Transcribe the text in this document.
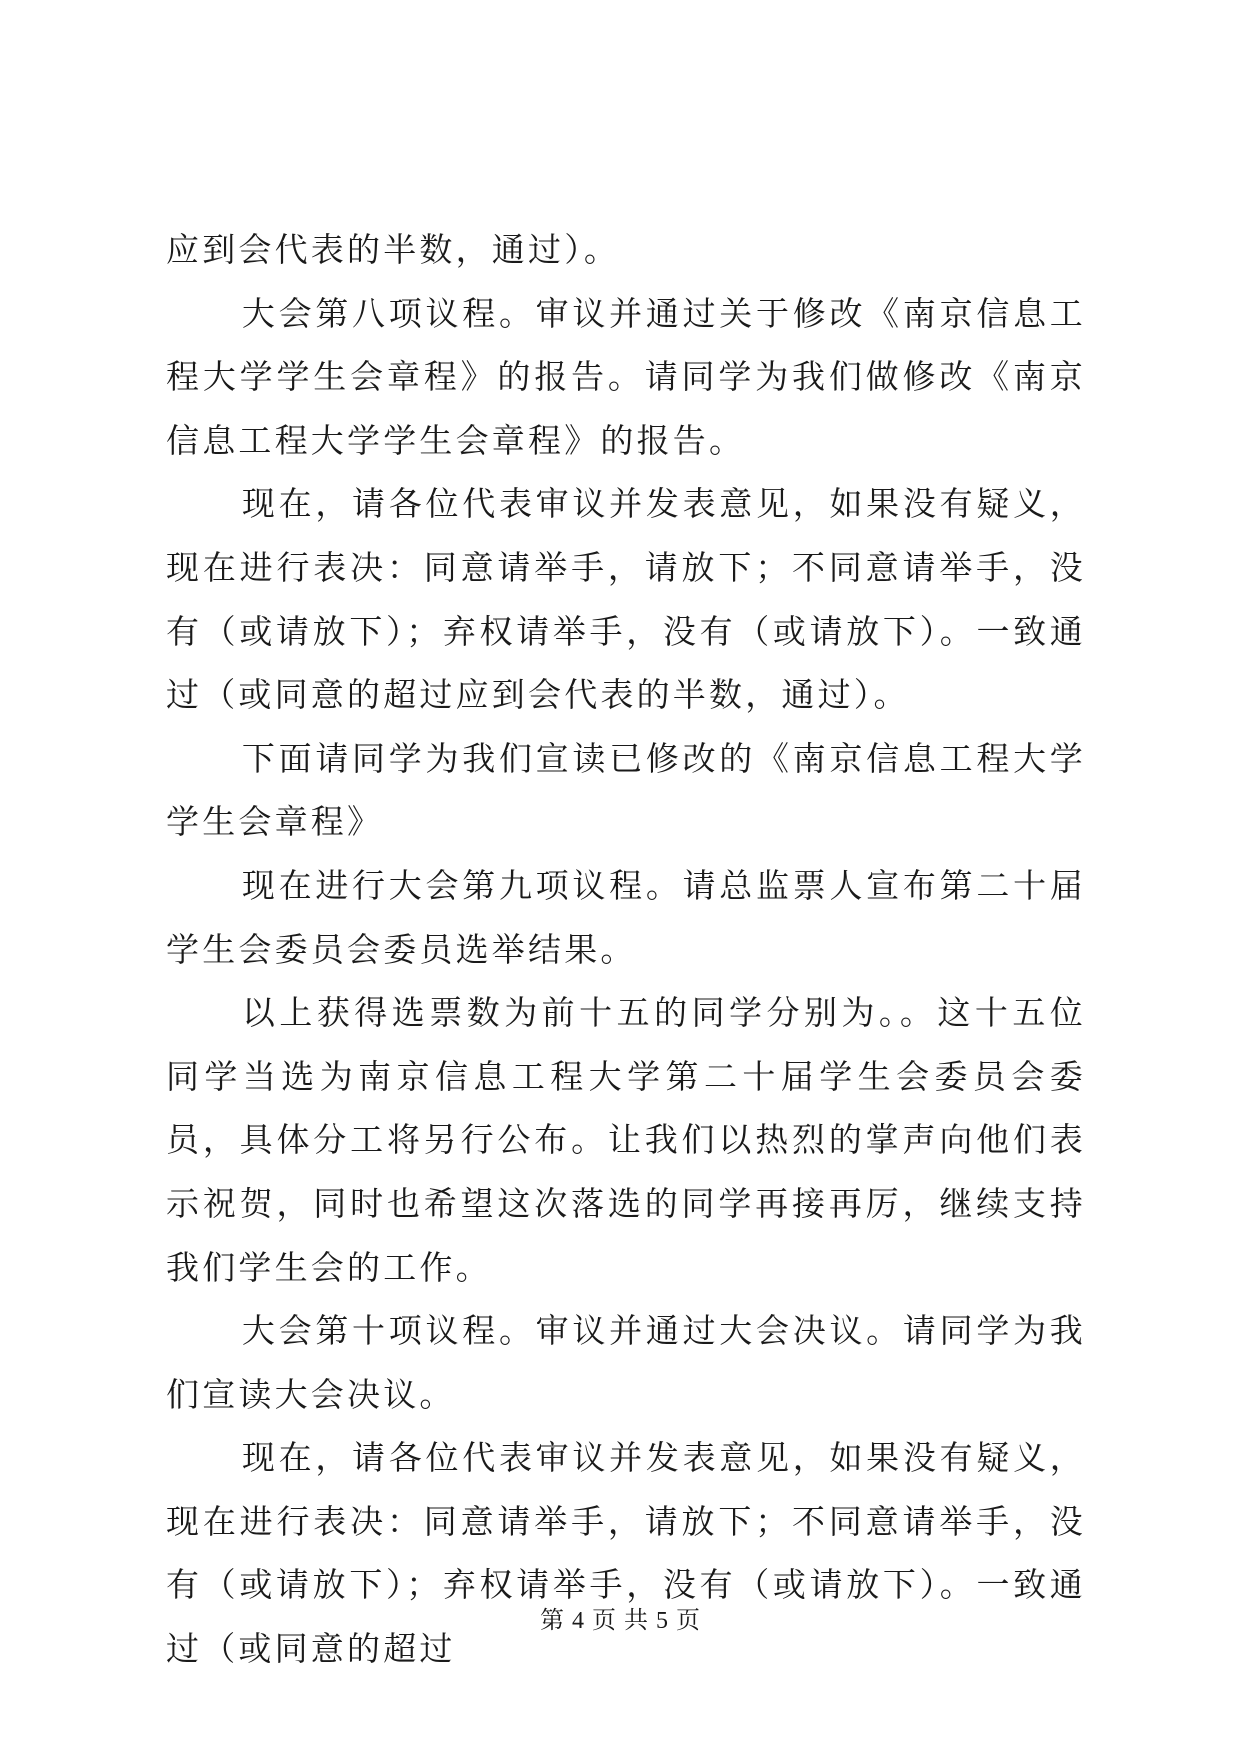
应到会代表的半数，通过）。

大会第八项议程。审议并通过关于修改《南京信息工程大学学生会章程》的报告。请同学为我们做修改《南京信息工程大学学生会章程》的报告。

现在，请各位代表审议并发表意见，如果没有疑义，现在进行表决：同意请举手，请放下；不同意请举手，没有（或请放下）；弃权请举手，没有（或请放下）。一致通过（或同意的超过应到会代表的半数，通过）。

下面请同学为我们宣读已修改的《南京信息工程大学学生会章程》

现在进行大会第九项议程。请总监票人宣布第二十届学生会委员会委员选举结果。

以上获得选票数为前十五的同学分别为。。这十五位同学当选为南京信息工程大学第二十届学生会委员会委员，具体分工将另行公布。让我们以热烈的掌声向他们表示祝贺，同时也希望这次落选的同学再接再厉，继续支持我们学生会的工作。

大会第十项议程。审议并通过大会决议。请同学为我们宣读大会决议。

现在，请各位代表审议并发表意见，如果没有疑义，现在进行表决：同意请举手，请放下；不同意请举手，没有（或请放下）；弃权请举手，没有（或请放下）。一致通过（或同意的超过

第 4 页 共 5 页
